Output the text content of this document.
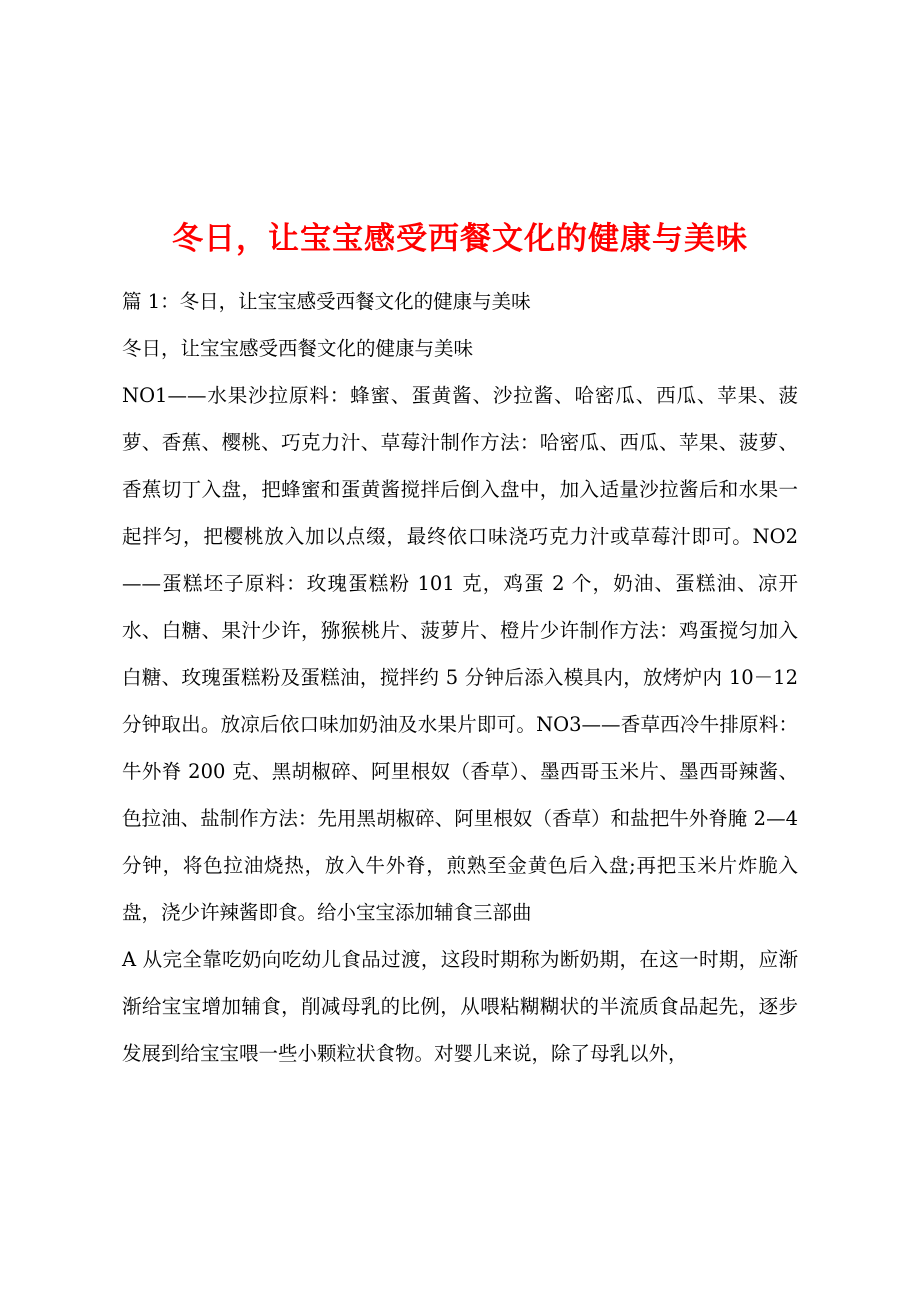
冬日，让宝宝感受西餐文化的健康与美味

篇 1：冬日，让宝宝感受西餐文化的健康与美味

冬日，让宝宝感受西餐文化的健康与美味

NO1——水果沙拉原料：蜂蜜、蛋黄酱、沙拉酱、哈密瓜、西瓜、苹果、菠萝、香蕉、樱桃、巧克力汁、草莓汁制作方法：哈密瓜、西瓜、苹果、菠萝、香蕉切丁入盘，把蜂蜜和蛋黄酱搅拌后倒入盘中，加入适量沙拉酱后和水果一起拌匀，把樱桃放入加以点缀，最终依口味浇巧克力汁或草莓汁即可。NO2——蛋糕坯子原料：玫瑰蛋糕粉 101 克，鸡蛋 2 个，奶油、蛋糕油、凉开水、白糖、果汁少许，猕猴桃片、菠萝片、橙片少许制作方法：鸡蛋搅匀加入白糖、玫瑰蛋糕粉及蛋糕油，搅拌约 5 分钟后添入模具内，放烤炉内 10－12 分钟取出。放凉后依口味加奶油及水果片即可。NO3——香草西冷牛排原料：牛外脊 200 克、黑胡椒碎、阿里根奴（香草）、墨西哥玉米片、墨西哥辣酱、色拉油、盐制作方法：先用黑胡椒碎、阿里根奴（香草）和盐把牛外脊腌 2—4 分钟，将色拉油烧热，放入牛外脊，煎熟至金黄色后入盘;再把玉米片炸脆入盘，浇少许辣酱即食。给小宝宝添加辅食三部曲

A 从完全靠吃奶向吃幼儿食品过渡，这段时期称为断奶期，在这一时期，应渐渐给宝宝增加辅食，削减母乳的比例，从喂粘糊糊状的半流质食品起先，逐步发展到给宝宝喂一些小颗粒状食物。对婴儿来说，除了母乳以外，
